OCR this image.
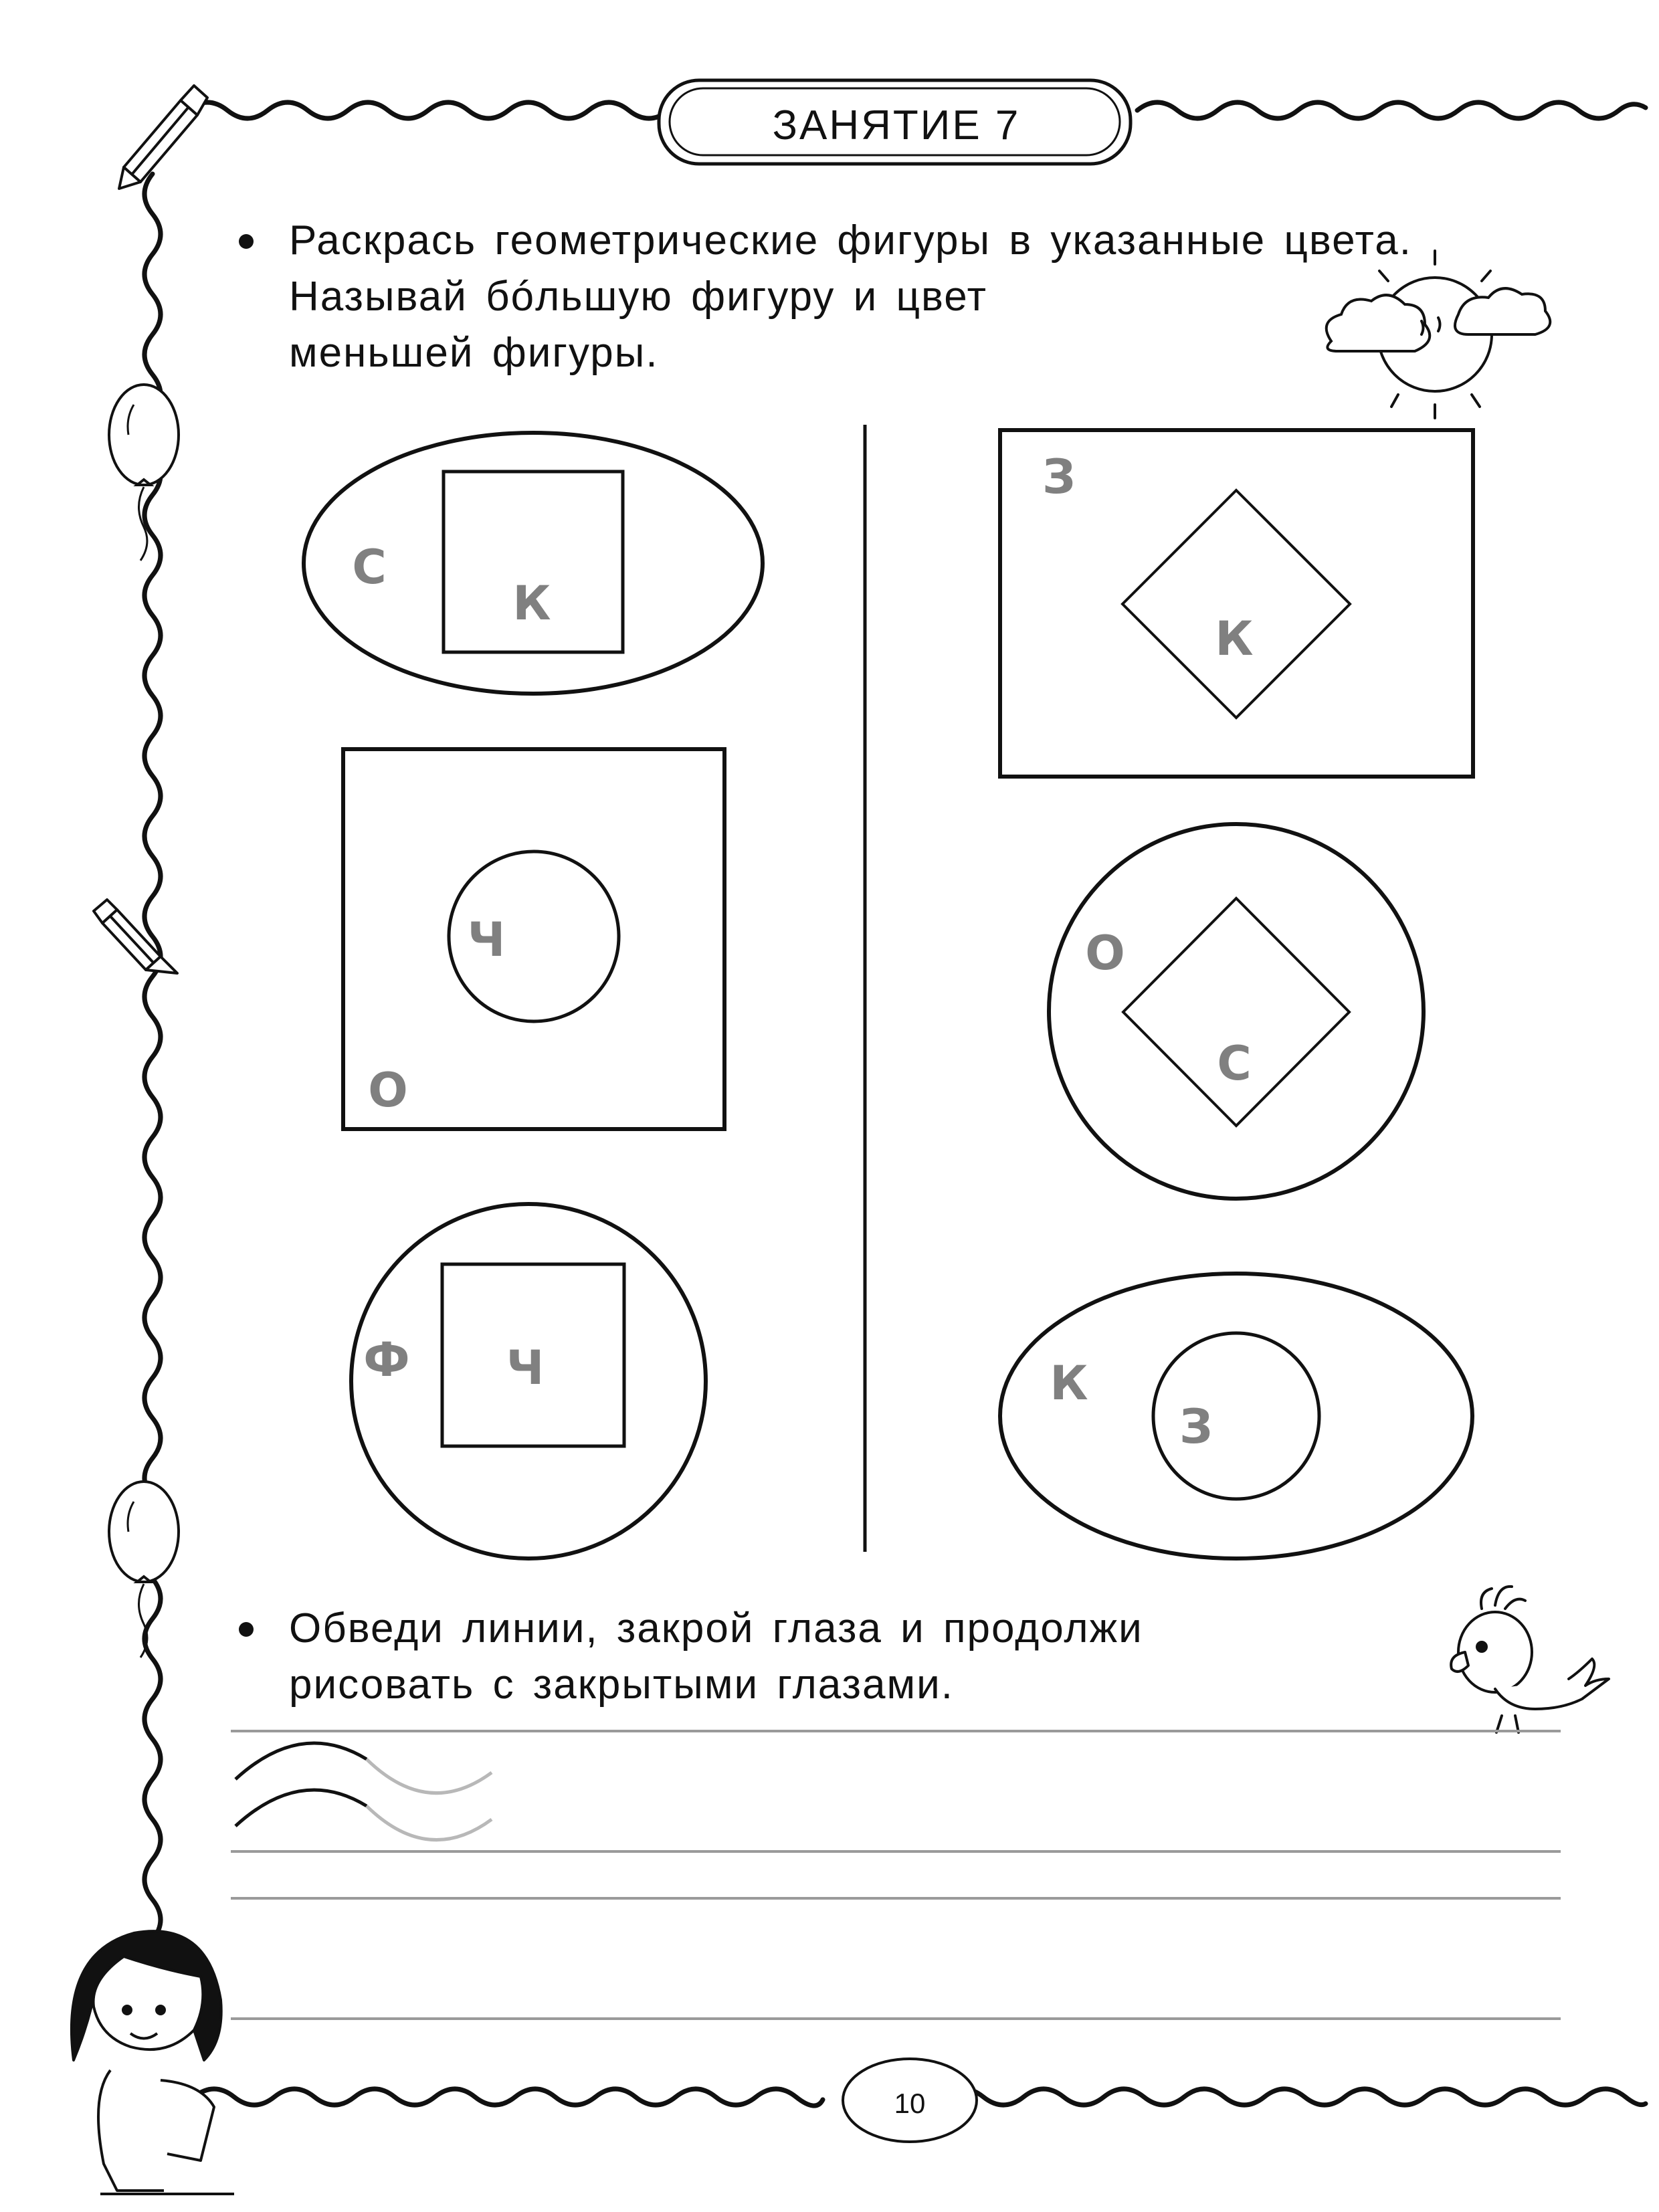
ЗАНЯТИЕ 7
Раскрась геометрические фигуры в указанные цвета.
Называй бóльшую фигуру и цвет
меньшей фигуры.
С
К
О
Ч
Ф Ч
З
К
О
С
К
З
Обведи линии, закрой глаза и продолжи
рисовать с закрытыми глазами.
10
